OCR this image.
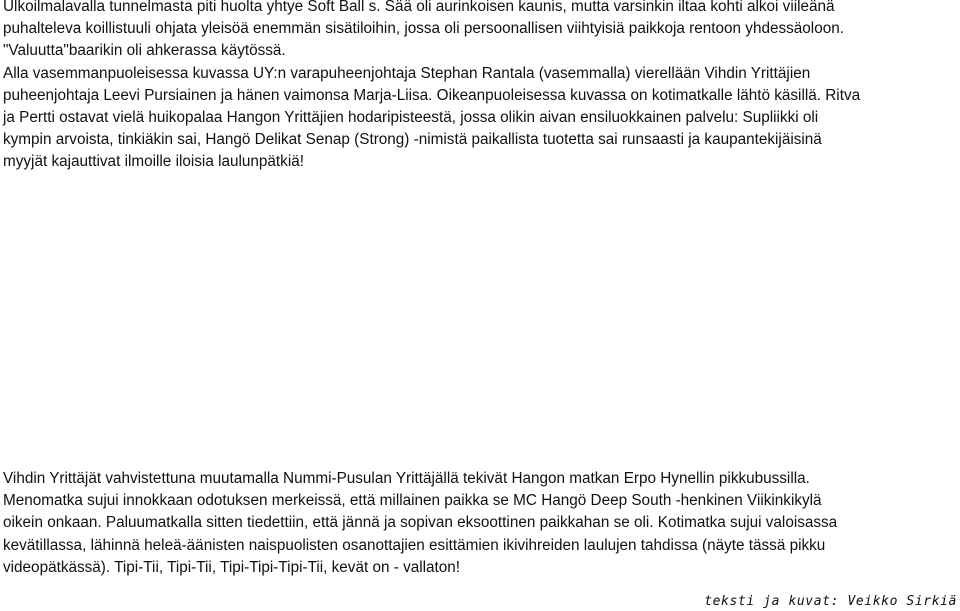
Ulkoilmalavalla tunnelmasta piti huolta yhtye Soft Ball s. Sää oli aurinkoisen kaunis, mutta varsinkin iltaa kohti alkoi viileänä
puhalteleva koillistuuli ohjata yleisöä enemmän sisätiloihin, jossa oli persoonallisen viihtyisiä paikkoja rentoon yhdessäoloon.
"Valuutta"baarikin oli ahkerassa käytössä.
Alla vasemmanpuoleisessa kuvassa UY:n varapuheenjohtaja Stephan Rantala (vasemmalla) vierellään Vihdin Yrittäjien
puheenjohtaja Leevi Pursiainen ja hänen vaimonsa Marja-Liisa. Oikeanpuoleisessa kuvassa on kotimatkalle lähtö käsillä. Ritva
ja Pertti ostavat vielä huikopalaa Hangon Yrittäjien hodaripisteestä, jossa olikin aivan ensiluokkainen palvelu: Supliikki oli
kympin arvoista, tinkiäkin sai, Hangö Delikat Senap (Strong) -nimistä paikallista tuotetta sai runsaasti ja kaupantekijäisinä
myyjät kajauttivat ilmoille iloisia laulunpätkiä!
Vihdin Yrittäjät vahvistettuna muutamalla Nummi-Pusulan Yrittäjällä tekivät Hangon matkan Erpo Hynellin pikkubussilla.
Menomatka sujui innokkaan odotuksen merkeissä, että millainen paikka se MC Hangö Deep South -henkinen Viikinkikylä
oikein onkaan. Paluumatkalla sitten tiedettiin, että jännä ja sopivan eksoottinen paikkahan se oli. Kotimatka sujui valoisassa
kevätillassa, lähinnä heleä-äänisten naispuolisten osanottajien esittämien ikivihreiden laulujen tahdissa (näyte tässä pikku
videopätkässä). Tipi-Tii, Tipi-Tii, Tipi-Tipi-Tipi-Tii, kevät on - vallaton!
teksti ja kuvat: Veikko Sirkiä
